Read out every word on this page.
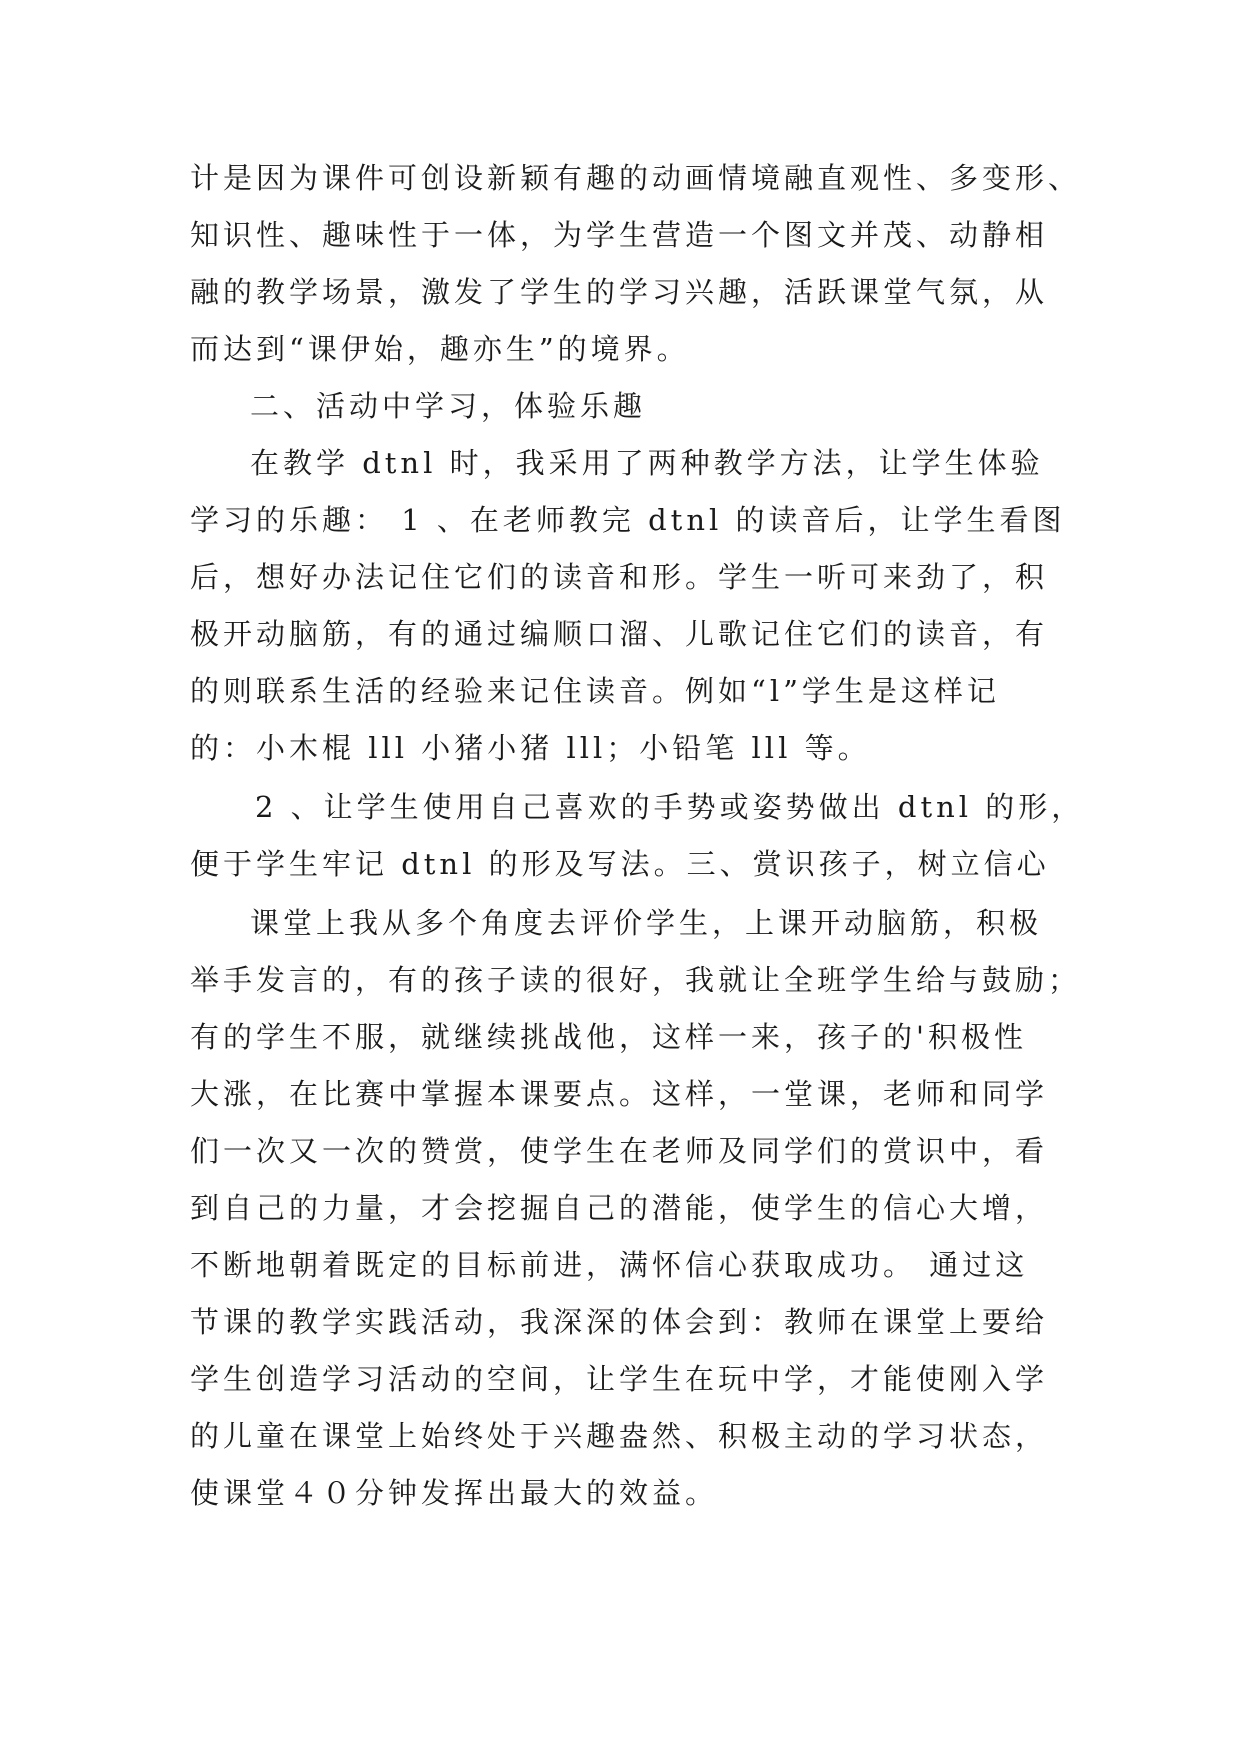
计是因为课件可创设新颖有趣的动画情境融直观性、多变形、
知识性、趣味性于一体，为学生营造一个图文并茂、动静相
融的教学场景，激发了学生的学习兴趣，活跃课堂气氛，从
而达到“课伊始，趣亦生”的境界。
二、活动中学习，体验乐趣
在教学 dtnl 时，我采用了两种教学方法，让学生体验
学习的乐趣： 1 、在老师教完 dtnl 的读音后，让学生看图
后，想好办法记住它们的读音和形。学生一听可来劲了，积
极开动脑筋，有的通过编顺口溜、儿歌记住它们的读音，有
的则联系生活的经验来记住读音。例如“l”学生是这样记
的：小木棍 lll 小猪小猪 lll；小铅笔 lll 等。
2 、让学生使用自己喜欢的手势或姿势做出 dtnl 的形，
便于学生牢记 dtnl 的形及写法。三、赏识孩子，树立信心
课堂上我从多个角度去评价学生，上课开动脑筋，积极
举手发言的，有的孩子读的很好，我就让全班学生给与鼓励；
有的学生不服，就继续挑战他，这样一来，孩子的'积极性
大涨，在比赛中掌握本课要点。这样，一堂课，老师和同学
们一次又一次的赞赏，使学生在老师及同学们的赏识中，看
到自己的力量，才会挖掘自己的潜能，使学生的信心大增，
不断地朝着既定的目标前进，满怀信心获取成功。 通过这
节课的教学实践活动，我深深的体会到：教师在课堂上要给
学生创造学习活动的空间，让学生在玩中学，才能使刚入学
的儿童在课堂上始终处于兴趣盎然、积极主动的学习状态，
使课堂４０分钟发挥出最大的效益。
